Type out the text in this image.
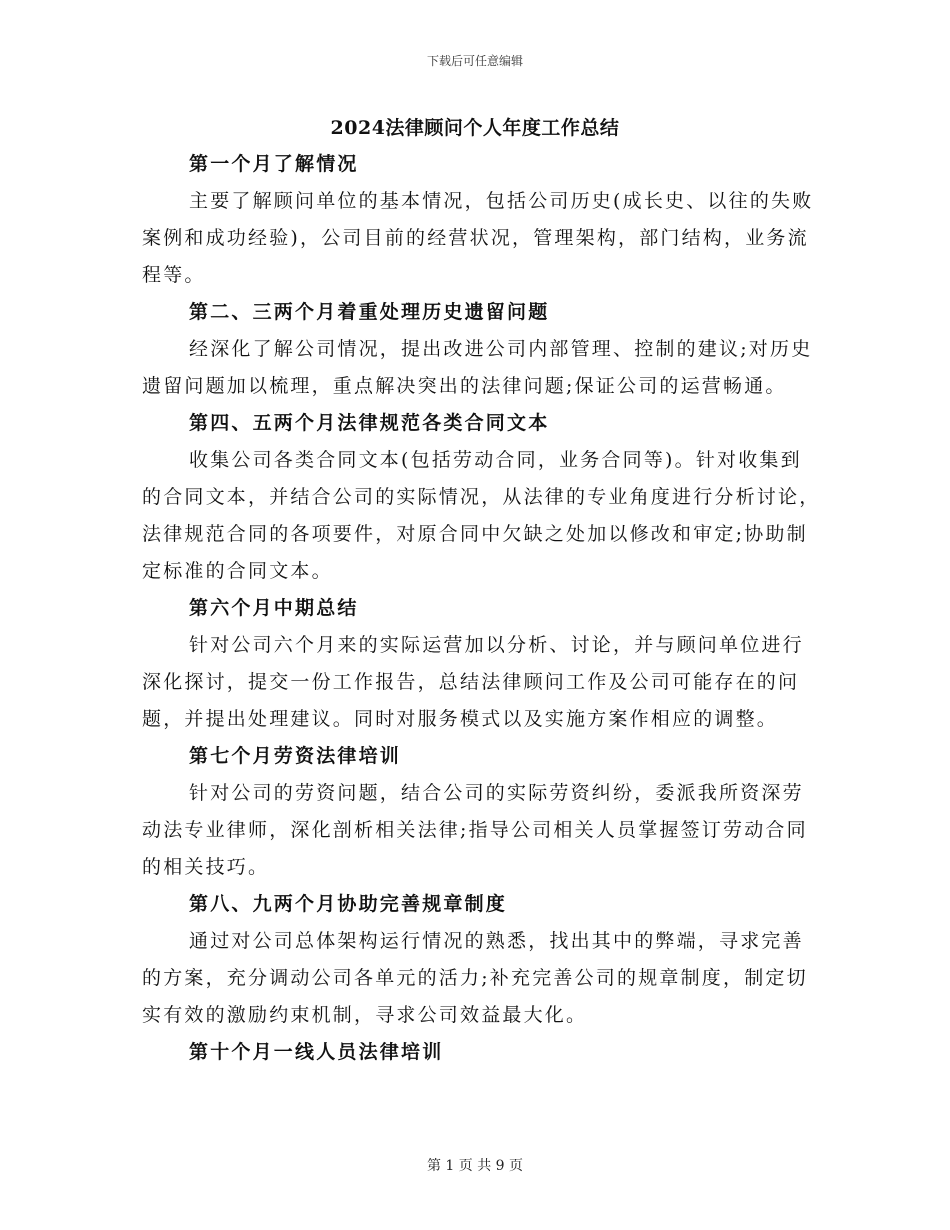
下载后可任意编辑
2024法律顾问个人年度工作总结

第一个月了解情况

主要了解顾问单位的基本情况，包括公司历史(成长史、以往的失败案例和成功经验)，公司目前的经营状况，管理架构，部门结构，业务流程等。

第二、三两个月着重处理历史遗留问题

经深化了解公司情况，提出改进公司内部管理、控制的建议;对历史遗留问题加以梳理，重点解决突出的法律问题;保证公司的运营畅通。

第四、五两个月法律规范各类合同文本

收集公司各类合同文本(包括劳动合同，业务合同等)。针对收集到的合同文本，并结合公司的实际情况，从法律的专业角度进行分析讨论，法律规范合同的各项要件，对原合同中欠缺之处加以修改和审定;协助制定标准的合同文本。

第六个月中期总结

针对公司六个月来的实际运营加以分析、讨论，并与顾问单位进行深化探讨，提交一份工作报告，总结法律顾问工作及公司可能存在的问题，并提出处理建议。同时对服务模式以及实施方案作相应的调整。

第七个月劳资法律培训

针对公司的劳资问题，结合公司的实际劳资纠纷，委派我所资深劳动法专业律师，深化剖析相关法律;指导公司相关人员掌握签订劳动合同的相关技巧。

第八、九两个月协助完善规章制度

通过对公司总体架构运行情况的熟悉，找出其中的弊端，寻求完善的方案，充分调动公司各单元的活力;补充完善公司的规章制度，制定切实有效的激励约束机制，寻求公司效益最大化。

第十个月一线人员法律培训

第 1 页 共 9 页
